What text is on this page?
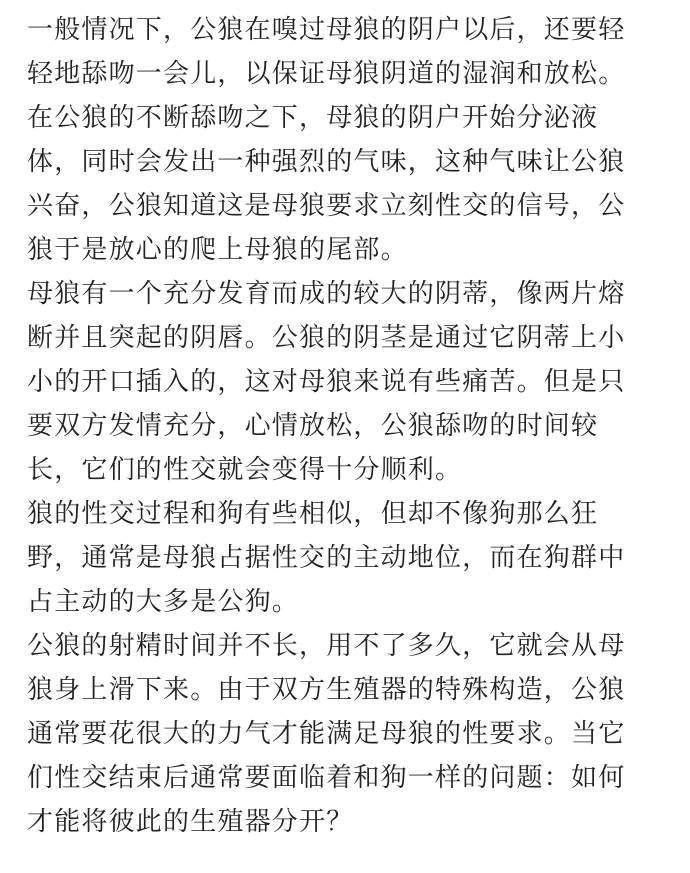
一般情况下，公狼在嗅过母狼的阴户以后，还要轻
轻地舔吻一会儿，以保证母狼阴道的湿润和放松。
在公狼的不断舔吻之下，母狼的阴户开始分泌液
体，同时会发出一种强烈的气味，这种气味让公狼
兴奋，公狼知道这是母狼要求立刻性交的信号，公
狼于是放心的爬上母狼的尾部。
母狼有一个充分发育而成的较大的阴蒂，像两片熔
断并且突起的阴唇。公狼的阴茎是通过它阴蒂上小
小的开口插入的，这对母狼来说有些痛苦。但是只
要双方发情充分，心情放松，公狼舔吻的时间较
长，它们的性交就会变得十分顺利。
狼的性交过程和狗有些相似，但却不像狗那么狂
野，通常是母狼占据性交的主动地位，而在狗群中
占主动的大多是公狗。
公狼的射精时间并不长，用不了多久，它就会从母
狼身上滑下来。由于双方生殖器的特殊构造，公狼
通常要花很大的力气才能满足母狼的性要求。当它
们性交结束后通常要面临着和狗一样的问题：如何
才能将彼此的生殖器分开？
